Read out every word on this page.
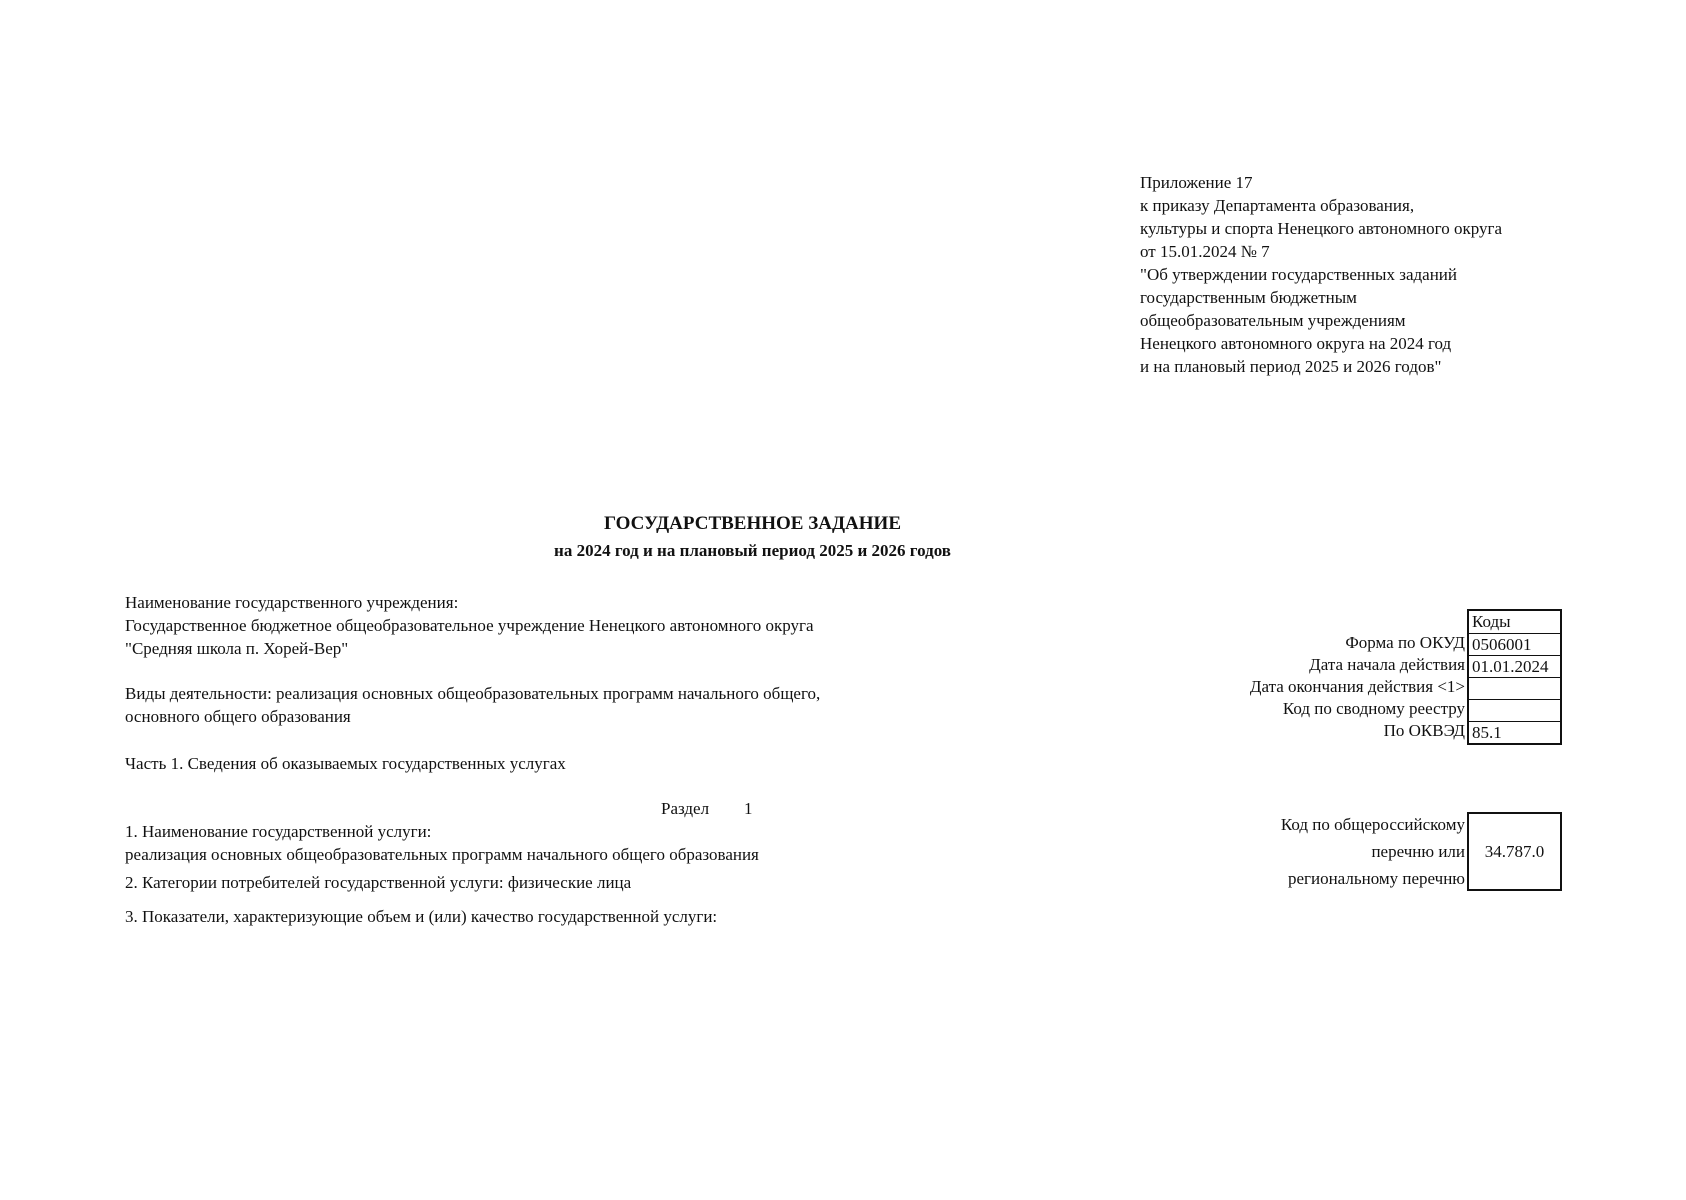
Приложение 17
к приказу Департамента образования,
культуры и спорта Ненецкого автономного округа
от 15.01.2024 № 7
"Об утверждении государственных заданий
государственным бюджетным
общеобразовательным учреждениям
Ненецкого автономного округа на 2024 год
и на плановый период 2025 и 2026 годов"
ГОСУДАРСТВЕННОЕ ЗАДАНИЕ
на 2024 год и на плановый период 2025 и 2026 годов
Наименование государственного учреждения:
Государственное бюджетное общеобразовательное учреждение Ненецкого автономного округа
"Средняя школа п. Хорей-Вер"
Виды деятельности: реализация основных общеобразовательных программ начального общего,
основного общего образования
Часть 1. Сведения об оказываемых государственных услугах
Раздел 1
1. Наименование государственной услуги:
реализация основных общеобразовательных программ начального общего образования
2. Категории потребителей государственной услуги: физические лица
3. Показатели, характеризующие объем и (или) качество государственной услуги:
Форма по ОКУД
Дата начала действия
Дата окончания действия <1>
Код по сводному реестру
По ОКВЭД
Коды
0506001
01.01.2024
85.1
Код по общероссийскому
перечню или
региональному перечню
34.787.0
